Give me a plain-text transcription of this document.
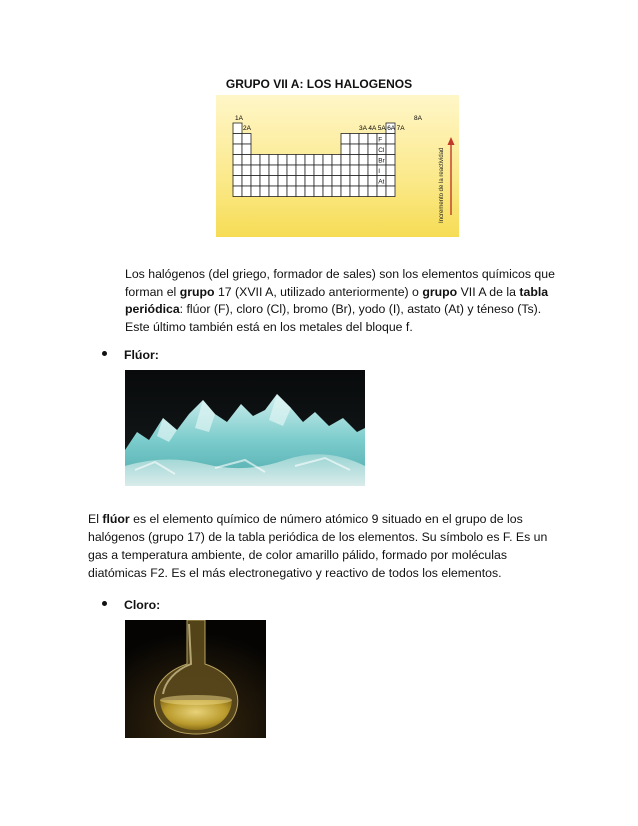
GRUPO VII A: LOS HALOGENOS
1A
2A	3A 4A 5A 6A 7A
8A
F
Cl
Br
I
At	Incremento de la reactividad
Los halógenos (del griego, formador de sales) son los elementos químicos que forman el grupo 17 (XVII A, utilizado anteriormente) o grupo VII A de la tabla periódica: flúor (F), cloro (Cl), bromo (Br), yodo (I), astato (At) y téneso (Ts). Este último también está en los metales del bloque f.
Flúor:
El flúor es el elemento químico de número atómico 9 situado en el grupo de los halógenos (grupo 17) de la tabla periódica de los elementos. Su símbolo es F. Es un gas a temperatura ambiente, de color amarillo pálido, formado por moléculas diatómicas F2. Es el más electronegativo y reactivo de todos los elementos.
Cloro:
